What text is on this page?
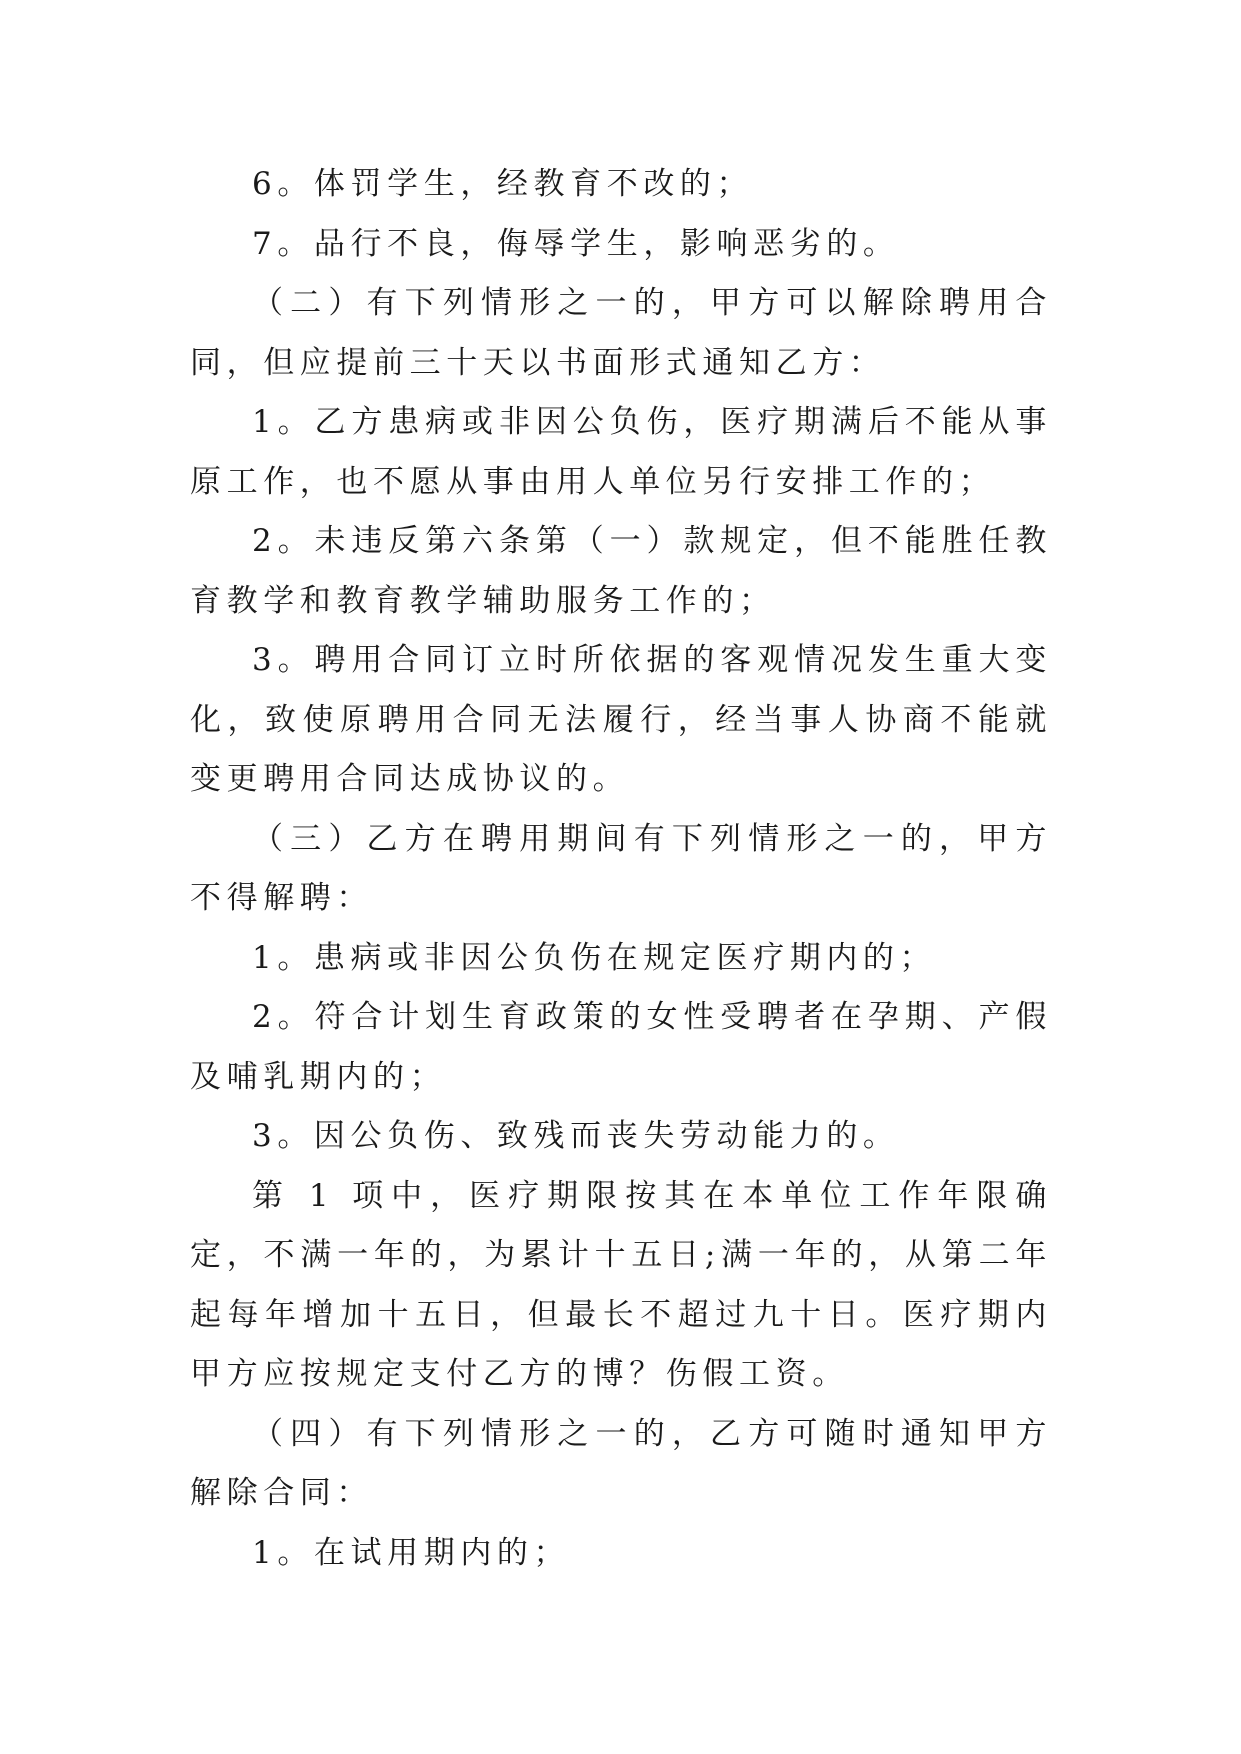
6。体罚学生，经教育不改的；

7。品行不良，侮辱学生，影响恶劣的。

（二）有下列情形之一的，甲方可以解除聘用合同，但应提前三十天以书面形式通知乙方：

1。乙方患病或非因公负伤，医疗期满后不能从事原工作，也不愿从事由用人单位另行安排工作的；

2。未违反第六条第（一）款规定，但不能胜任教育教学和教育教学辅助服务工作的；

3。聘用合同订立时所依据的客观情况发生重大变化，致使原聘用合同无法履行，经当事人协商不能就变更聘用合同达成协议的。

（三）乙方在聘用期间有下列情形之一的，甲方不得解聘：

1。患病或非因公负伤在规定医疗期内的；

2。符合计划生育政策的女性受聘者在孕期、产假及哺乳期内的；

3。因公负伤、致残而丧失劳动能力的。

第 1 项中，医疗期限按其在本单位工作年限确定，不满一年的，为累计十五日;满一年的，从第二年起每年增加十五日，但最长不超过九十日。医疗期内甲方应按规定支付乙方的博？伤假工资。

（四）有下列情形之一的，乙方可随时通知甲方解除合同：

1。在试用期内的；
